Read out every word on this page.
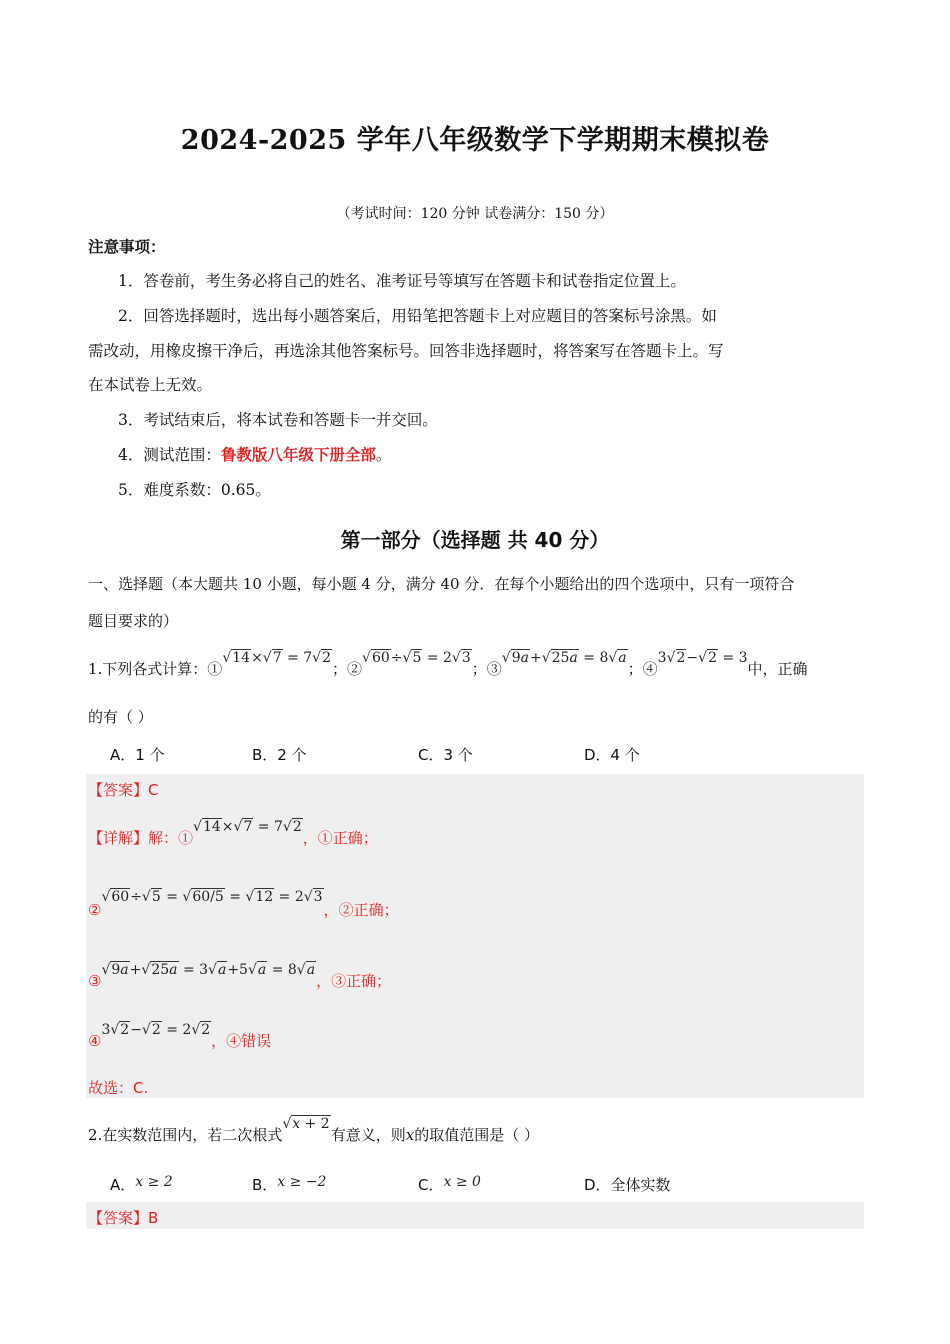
2024-2025 学年八年级数学下学期期末模拟卷
（考试时间：120 分钟 试卷满分：150 分）
注意事项：
1．答卷前，考生务必将自己的姓名、准考证号等填写在答题卡和试卷指定位置上。
2．回答选择题时，选出每小题答案后，用铅笔把答题卡上对应题目的答案标号涂黑。如
需改动，用橡皮擦干净后，再选涂其他答案标号。回答非选择题时，将答案写在答题卡上。写
在本试卷上无效。
3．考试结束后，将本试卷和答题卡一并交回。
4．测试范围：鲁教版八年级下册全部。
5．难度系数：0.65。
第一部分（选择题 共 40 分）
一、选择题（本大题共 10 小题，每小题 4 分，满分 40 分．在每个小题给出的四个选项中，只有一项符合
题目要求的）
1.下列各式计算：①√14×√7 = 7√2；②√60÷√5 = 2√3；③√9a+√25a = 8√a；④3√2−√2 = 3中，正确
的有（ ）
A．1 个	B．2 个	C．3 个	D．4 个
【答案】C
【详解】解：①√14×√7 = 7√2，①正确；
②√60÷√5 = √60/5 = √12 = 2√3，②正确；
③√9a+√25a = 3√a+5√a = 8√a，③正确；
④3√2−√2 = 2√2，④错误
故选：C.
2.在实数范围内，若二次根式√x + 2有意义，则x的取值范围是（ ）
A．x ≥ 2	B．x ≥ −2	C．x ≥ 0	D．全体实数
【答案】B
